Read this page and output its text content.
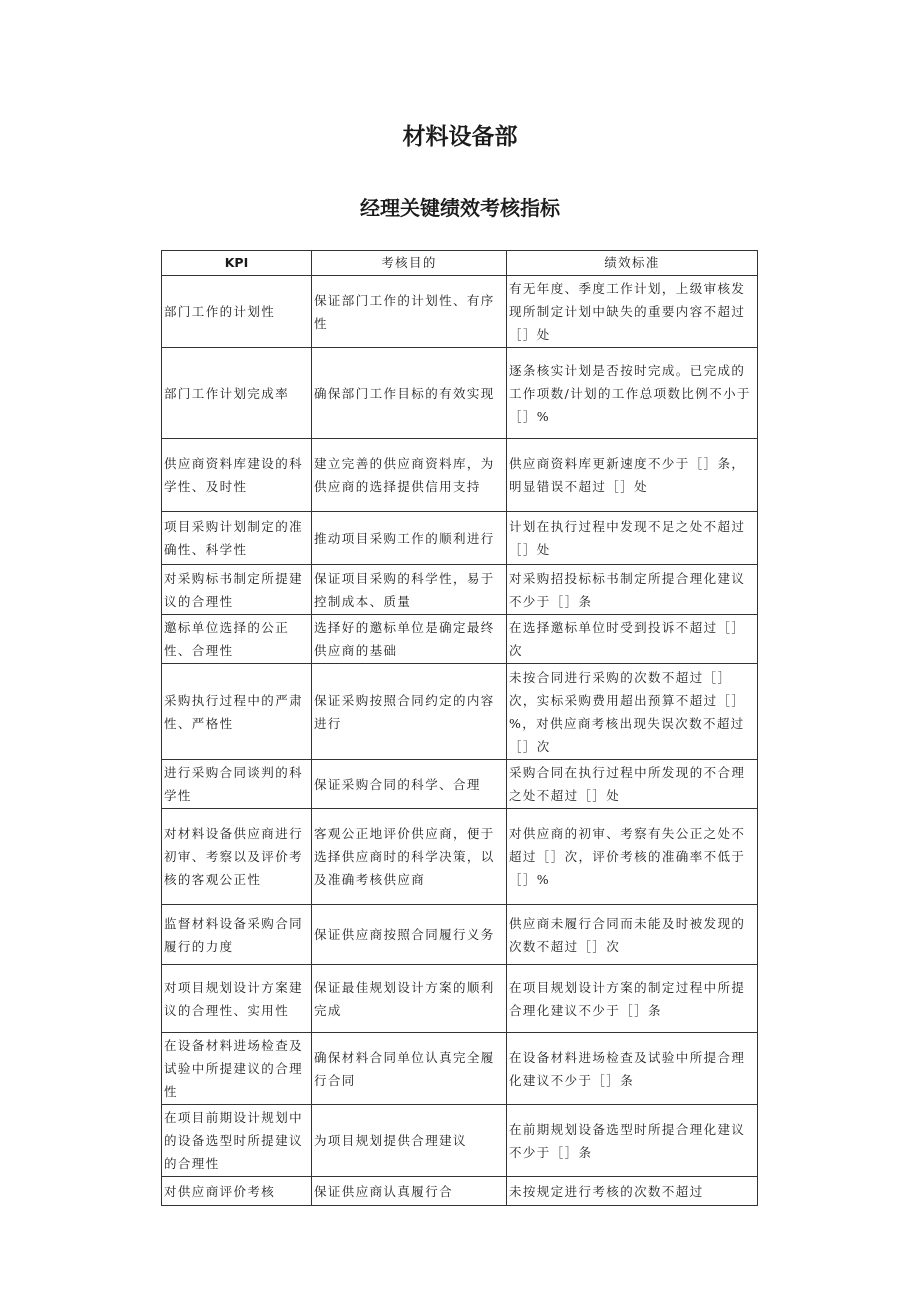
材料设备部
经理关键绩效考核指标
KPI	考核目的	绩效标准
部门工作的计划性	保证部门工作的计划性、有序性	有无年度、季度工作计划，上级审核发现所制定计划中缺失的重要内容不超过［］处
部门工作计划完成率	确保部门工作目标的有效实现	逐条核实计划是否按时完成。已完成的工作项数/计划的工作总项数比例不小于［］%
供应商资料库建设的科学性、及时性	建立完善的供应商资料库，为供应商的选择提供信用支持	供应商资料库更新速度不少于［］条，明显错误不超过［］处
项目采购计划制定的准确性、科学性	推动项目采购工作的顺利进行	计划在执行过程中发现不足之处不超过［］处
对采购标书制定所提建议的合理性	保证项目采购的科学性，易于控制成本、质量	对采购招投标标书制定所提合理化建议不少于［］条
邀标单位选择的公正性、合理性	选择好的邀标单位是确定最终供应商的基础	在选择邀标单位时受到投诉不超过［］次
采购执行过程中的严肃性、严格性	保证采购按照合同约定的内容进行	未按合同进行采购的次数不超过［］次，实标采购费用超出预算不超过［］%，对供应商考核出现失误次数不超过［］次
进行采购合同谈判的科学性	保证采购合同的科学、合理	采购合同在执行过程中所发现的不合理之处不超过［］处
对材料设备供应商进行初审、考察以及评价考核的客观公正性	客观公正地评价供应商，便于选择供应商时的科学决策，以及准确考核供应商	对供应商的初审、考察有失公正之处不超过［］次，评价考核的准确率不低于［］%
监督材料设备采购合同履行的力度	保证供应商按照合同履行义务	供应商未履行合同而未能及时被发现的次数不超过［］次
对项目规划设计方案建议的合理性、实用性	保证最佳规划设计方案的顺利完成	在项目规划设计方案的制定过程中所提合理化建议不少于［］条
在设备材料进场检查及试验中所提建议的合理性	确保材料合同单位认真完全履行合同	在设备材料进场检查及试验中所提合理化建议不少于［］条
在项目前期设计规划中的设备选型时所提建议的合理性	为项目规划提供合理建议	在前期规划设备选型时所提合理化建议不少于［］条
对供应商评价考核	保证供应商认真履行合	未按规定进行考核的次数不超过
